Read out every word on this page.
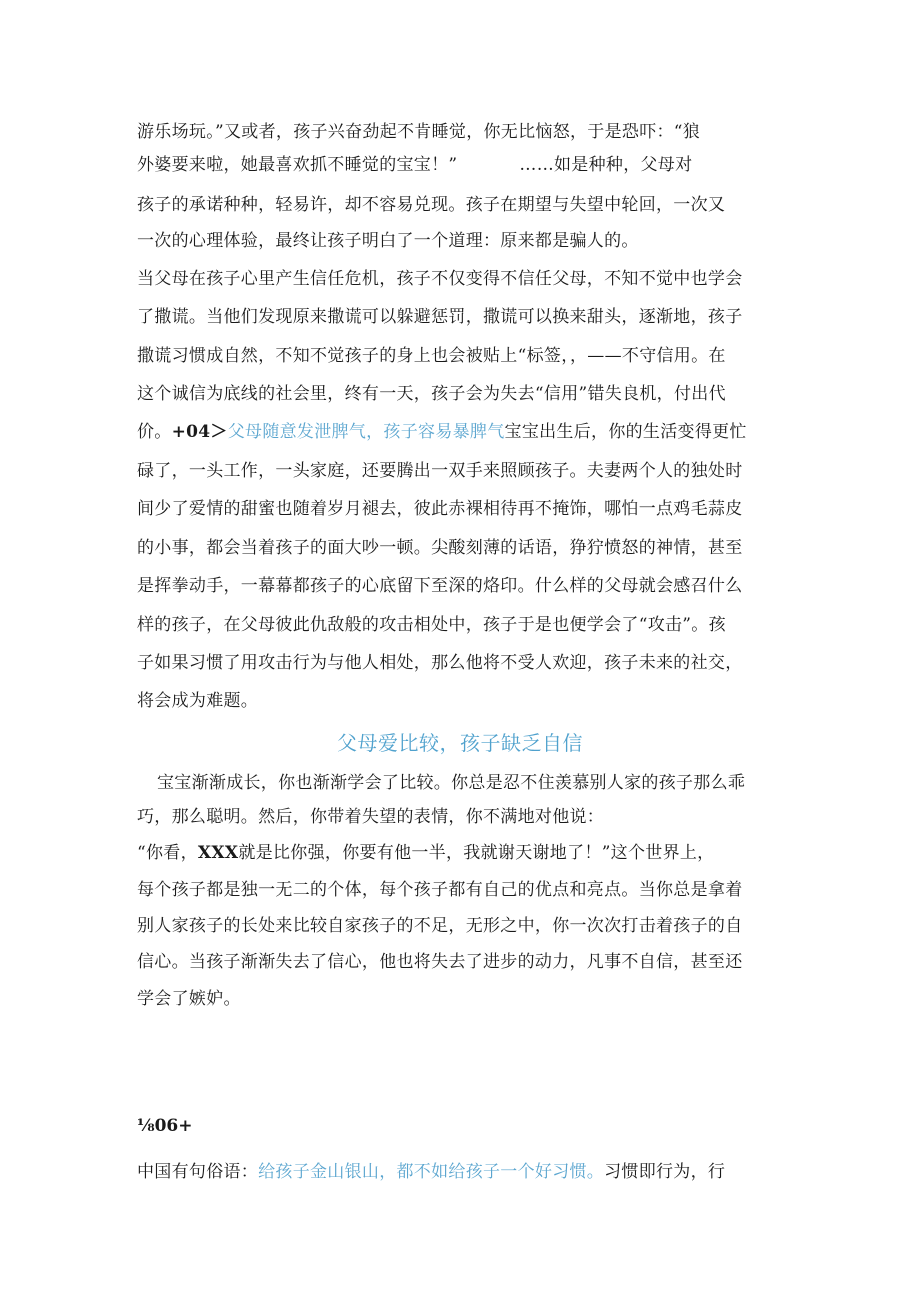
游乐场玩。”又或者，孩子兴奋劲起不肯睡觉，你无比恼怒，于是恐吓：“狼
外婆要来啦，她最喜欢抓不睡觉的宝宝！”	……如是种种，父母对
孩子的承诺种种，轻易许，却不容易兑现。孩子在期望与失望中轮回，一次又
一次的心理体验，最终让孩子明白了一个道理：原来都是骗人的。
当父母在孩子心里产生信任危机，孩子不仅变得不信任父母，不知不觉中也学会
了撒谎。当他们发现原来撒谎可以躲避惩罚，撒谎可以换来甜头，逐渐地，孩子
撒谎习惯成自然，不知不觉孩子的身上也会被贴上“标签，，——不守信用。在
这个诚信为底线的社会里，终有一天，孩子会为失去“信用”错失良机，付出代
价。+04＞父母随意发泄脾气，孩子容易暴脾气宝宝出生后，你的生活变得更忙
碌了，一头工作，一头家庭，还要腾出一双手来照顾孩子。夫妻两个人的独处时
间少了爱情的甜蜜也随着岁月褪去，彼此赤裸相待再不掩饰，哪怕一点鸡毛蒜皮
的小事，都会当着孩子的面大吵一顿。尖酸刻薄的话语，狰狞愤怒的神情，甚至
是挥拳动手，一幕幕都孩子的心底留下至深的烙印。什么样的父母就会感召什么
样的孩子，在父母彼此仇敌般的攻击相处中，孩子于是也便学会了“攻击”。孩
子如果习惯了用攻击行为与他人相处，那么他将不受人欢迎，孩子未来的社交，
将会成为难题。
父母爱比较，孩子缺乏自信
宝宝渐渐成长，你也渐渐学会了比较。你总是忍不住羡慕别人家的孩子那么乖
巧，那么聪明。然后，你带着失望的表情，你不满地对他说：
“你看，XXX就是比你强，你要有他一半，我就谢天谢地了！”这个世界上，
每个孩子都是独一无二的个体，每个孩子都有自己的优点和亮点。当你总是拿着
别人家孩子的长处来比较自家孩子的不足，无形之中，你一次次打击着孩子的自
信心。当孩子渐渐失去了信心，他也将失去了进步的动力，凡事不自信，甚至还
学会了嫉妒。
⅛06+
中国有句俗语：给孩子金山银山，都不如给孩子一个好习惯。习惯即行为，行
